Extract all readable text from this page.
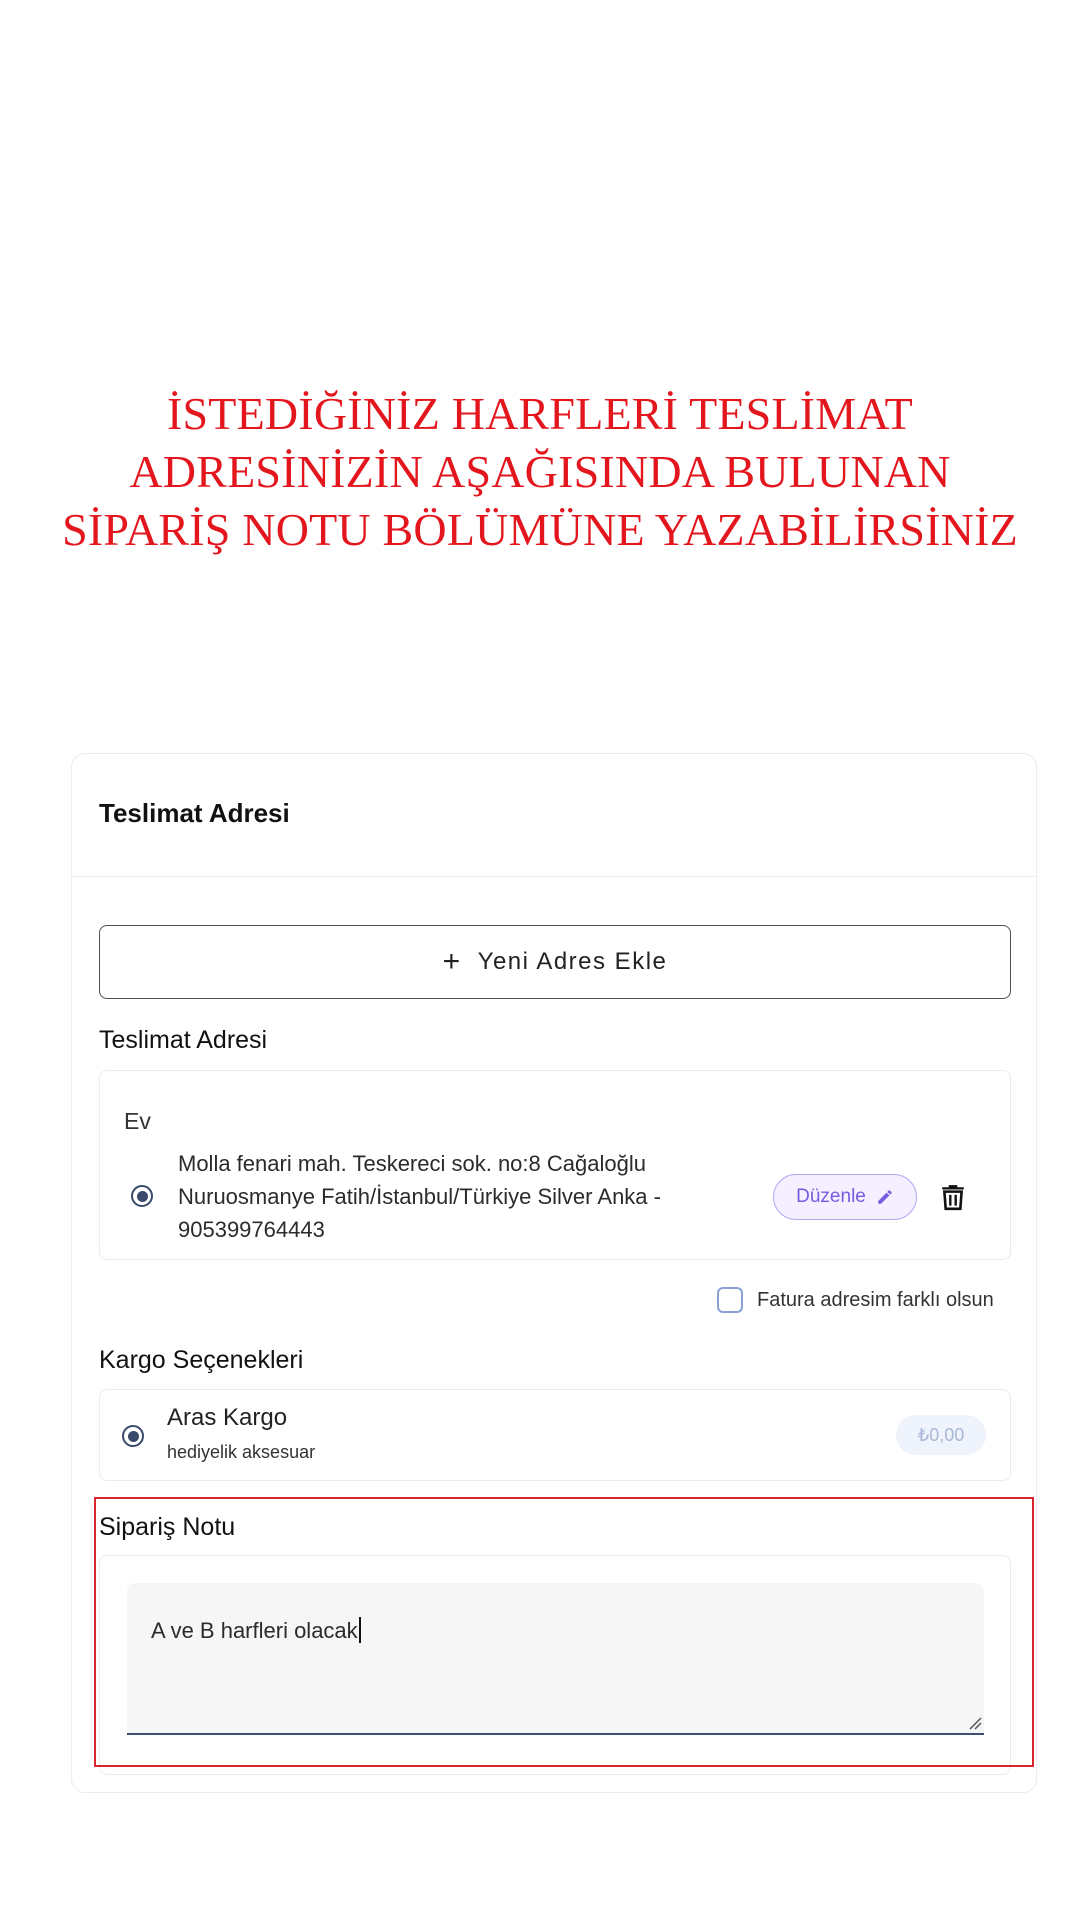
İSTEDİĞİNİZ HARFLERİ TESLİMAT
ADRESİNİZİN AŞAĞISINDA BULUNAN
SİPARİŞ NOTU BÖLÜMÜNE YAZABİLİRSİNİZ
Teslimat Adresi
+ Yeni Adres Ekle
Teslimat Adresi
Ev
Molla fenari mah. Teskereci sok. no:8 Cağaloğlu
Nuruosmanye Fatih/İstanbul/Türkiye Silver Anka -
905399764443
Düzenle
Fatura adresim farklı olsun
Kargo Seçenekleri
Aras Kargo
hediyelik aksesuar
₺0,00
Sipariş Notu
A ve B harfleri olacak
